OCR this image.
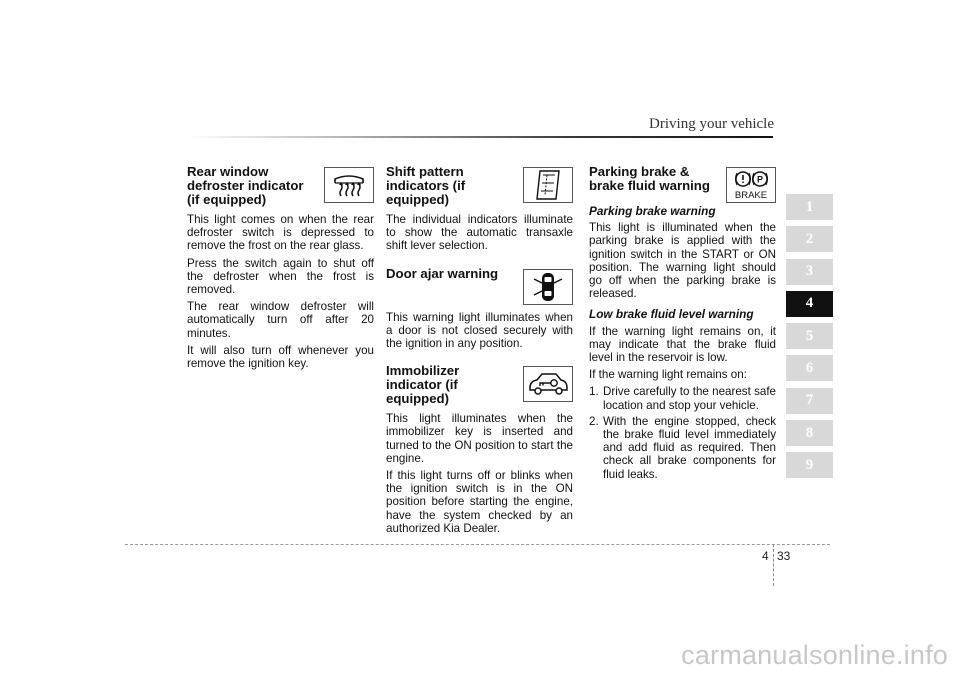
Driving your vehicle
Rear window defroster indicator (if equipped)

This light comes on when the rear defroster switch is depressed to remove the frost on the rear glass.

Press the switch again to shut off the defroster when the frost is removed.

The rear window defroster will automatically turn off after 20 minutes.

It will also turn off whenever you remove the ignition key.

Shift pattern indicators (if equipped)

The individual indicators illuminate to show the automatic transaxle shift lever selection.

Door ajar warning

This warning light illuminates when a door is not closed securely with the ignition in any position.

Immobilizer indicator (if equipped)

This light illuminates when the immobilizer key is inserted and turned to the ON position to start the engine.

If this light turns off or blinks when the ignition switch is in the ON position before starting the engine, have the system checked by an authorized Kia Dealer.

Parking brake & brake fluid warning	P
BRAKE
Parking brake warning

This light is illuminated when the parking brake is applied with the ignition switch in the START or ON position. The warning light should go off when the parking brake is released.

Low brake fluid level warning

If the warning light remains on, it may indicate that the brake fluid level in the reservoir is low.

If the warning light remains on:

1. Drive carefully to the nearest safe location and stop your vehicle.
2. With the engine stopped, check the brake fluid level immediately and add fluid as required. Then check all brake components for fluid leaks.
1
2
3
4
5
6
7
8
9
4 33
carmanualsonline.info
